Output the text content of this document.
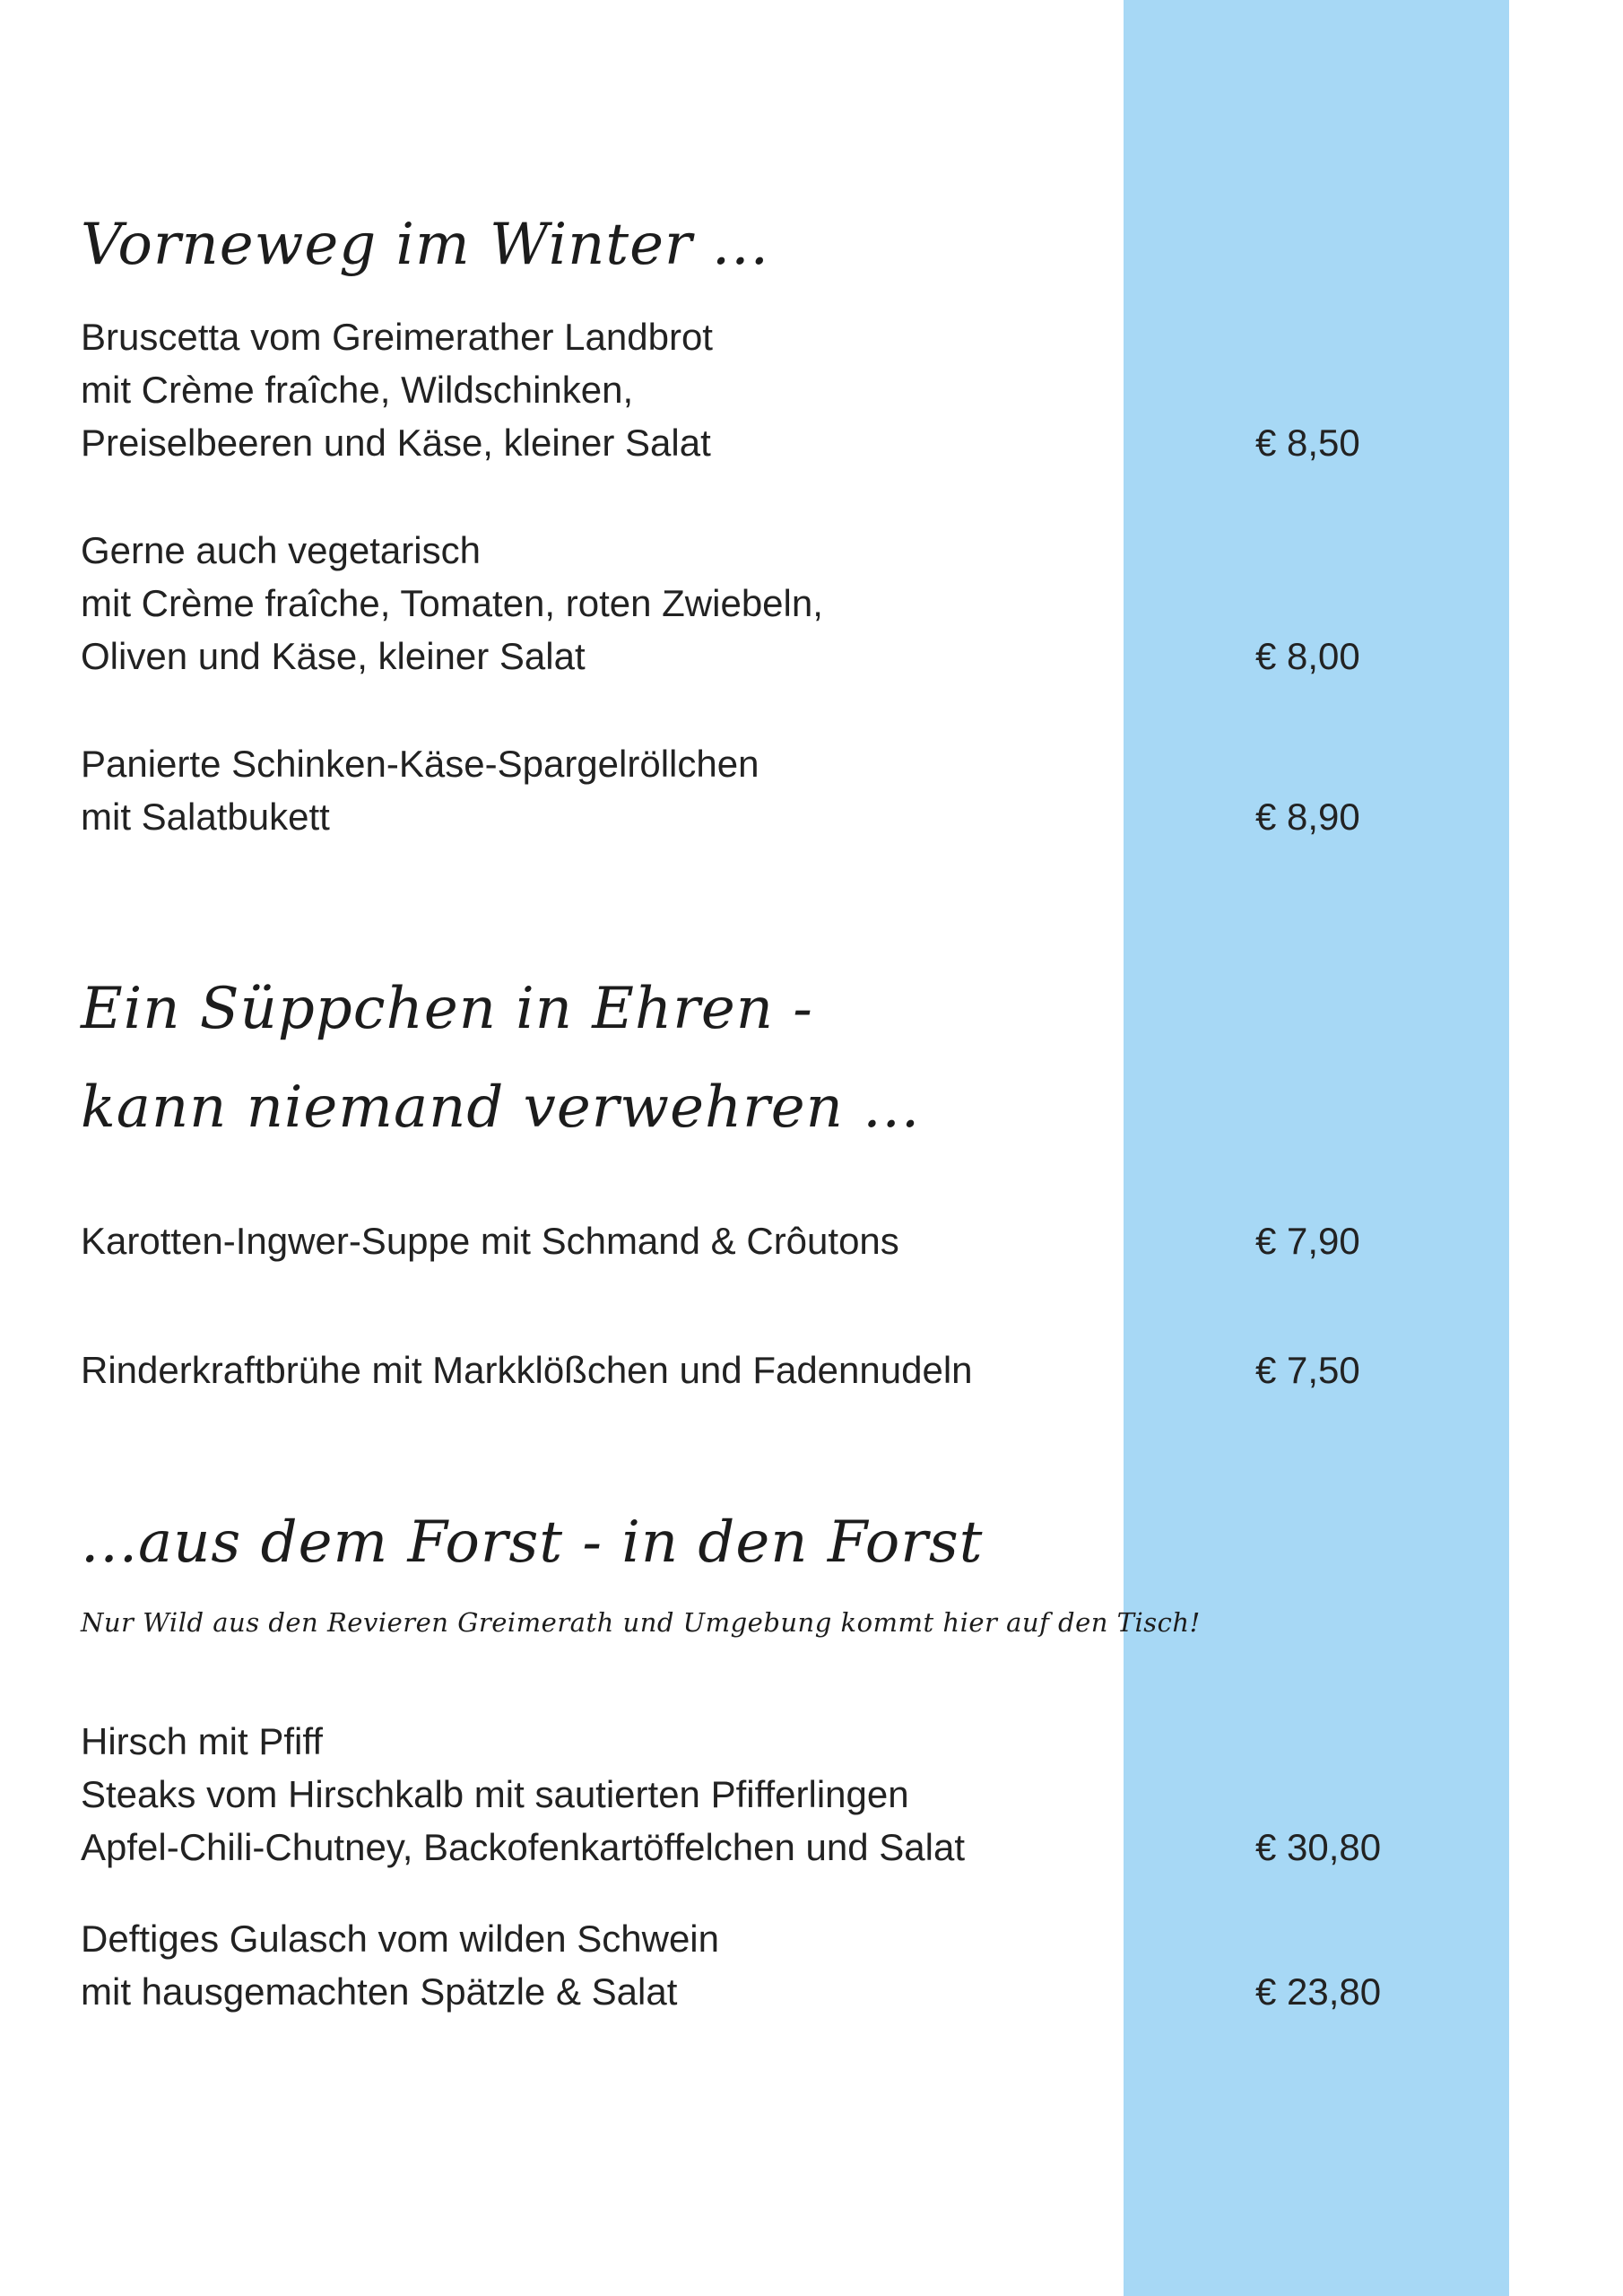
Vorneweg im Winter ...
Bruscetta vom Greimerather Landbrot
mit Crème fraîche, Wildschinken,
Preiselbeeren und Käse, kleiner Salat	€ 8,50
Gerne auch vegetarisch
mit Crème fraîche, Tomaten, roten Zwiebeln,
Oliven und Käse, kleiner Salat	€ 8,00
Panierte Schinken-Käse-Spargelröllchen
mit Salatbukett	€ 8,90
Ein Süppchen in Ehren -
kann niemand verwehren ...
Karotten-Ingwer-Suppe mit Schmand & Crôutons	€ 7,90
Rinderkraftbrühe mit Markklößchen und Fadennudeln	€ 7,50
...aus dem Forst - in den Forst
Nur Wild aus den Revieren Greimerath und Umgebung kommt hier auf den Tisch!
Hirsch mit Pfiff
Steaks vom Hirschkalb mit sautierten Pfifferlingen
Apfel-Chili-Chutney, Backofenkartöffelchen und Salat	€ 30,80
Deftiges Gulasch vom wilden Schwein
mit hausgemachten Spätzle & Salat	€ 23,80
